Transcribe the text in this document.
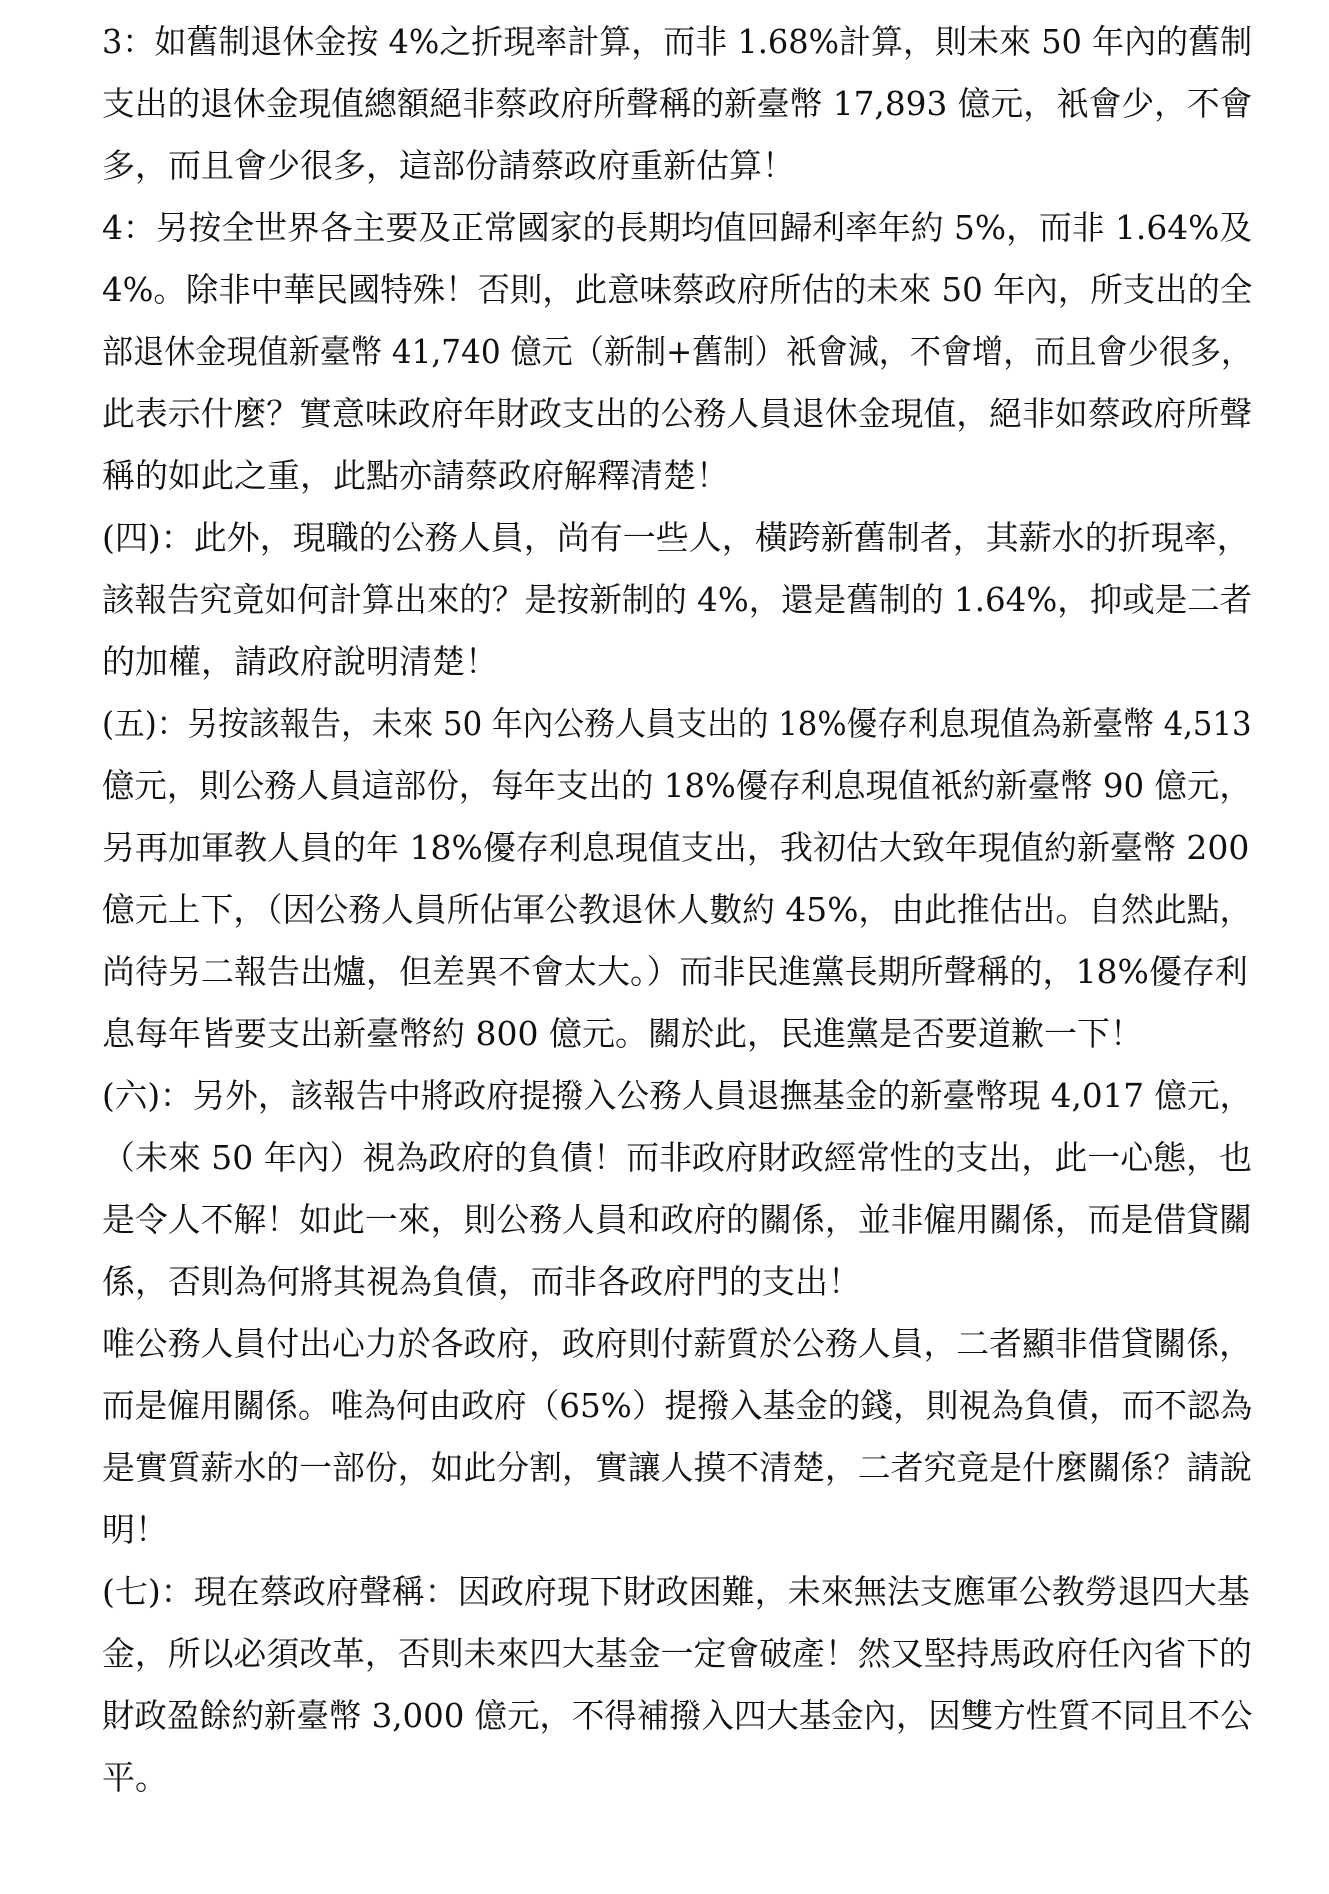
3：如舊制退休金按 4%之折現率計算，而非 1.68%計算，則未來 50 年內的舊制
支出的退休金現值總額絕非蔡政府所聲稱的新臺幣 17,893 億元，衹會少，不會
多，而且會少很多，這部份請蔡政府重新估算！
4：另按全世界各主要及正常國家的長期均值回歸利率年約 5%，而非 1.64%及
4%。除非中華民國特殊！否則，此意味蔡政府所估的未來 50 年內，所支出的全
部退休金現值新臺幣 41,740 億元（新制+舊制）衹會減，不會增，而且會少很多，
此表示什麼？實意味政府年財政支出的公務人員退休金現值，絕非如蔡政府所聲
稱的如此之重，此點亦請蔡政府解釋清楚！
(四)：此外，現職的公務人員，尚有一些人，橫跨新舊制者，其薪水的折現率，
該報告究竟如何計算出來的？是按新制的 4%，還是舊制的 1.64%，抑或是二者
的加權，請政府說明清楚！
(五)：另按該報告，未來 50 年內公務人員支出的 18%優存利息現值為新臺幣 4,513
億元，則公務人員這部份，每年支出的 18%優存利息現值衹約新臺幣 90 億元，
另再加軍教人員的年 18%優存利息現值支出，我初估大致年現值約新臺幣 200
億元上下，（因公務人員所佔軍公教退休人數約 45%，由此推估出。自然此點，
尚待另二報告出爐，但差異不會太大。）而非民進黨長期所聲稱的，18%優存利
息每年皆要支出新臺幣約 800 億元。關於此，民進黨是否要道歉一下！
(六)：另外，該報告中將政府提撥入公務人員退撫基金的新臺幣現 4,017 億元，
（未來 50 年內）視為政府的負債！而非政府財政經常性的支出，此一心態，也
是令人不解！如此一來，則公務人員和政府的關係，並非僱用關係，而是借貸關
係，否則為何將其視為負債，而非各政府門的支出！
唯公務人員付出心力於各政府，政府則付薪質於公務人員，二者顯非借貸關係，
而是僱用關係。唯為何由政府（65%）提撥入基金的錢，則視為負債，而不認為
是實質薪水的一部份，如此分割，實讓人摸不清楚，二者究竟是什麼關係？請說
明！
(七)：現在蔡政府聲稱：因政府現下財政困難，未來無法支應軍公教勞退四大基
金，所以必須改革，否則未來四大基金一定會破產！然又堅持馬政府任內省下的
財政盈餘約新臺幣 3,000 億元，不得補撥入四大基金內，因雙方性質不同且不公
平。
